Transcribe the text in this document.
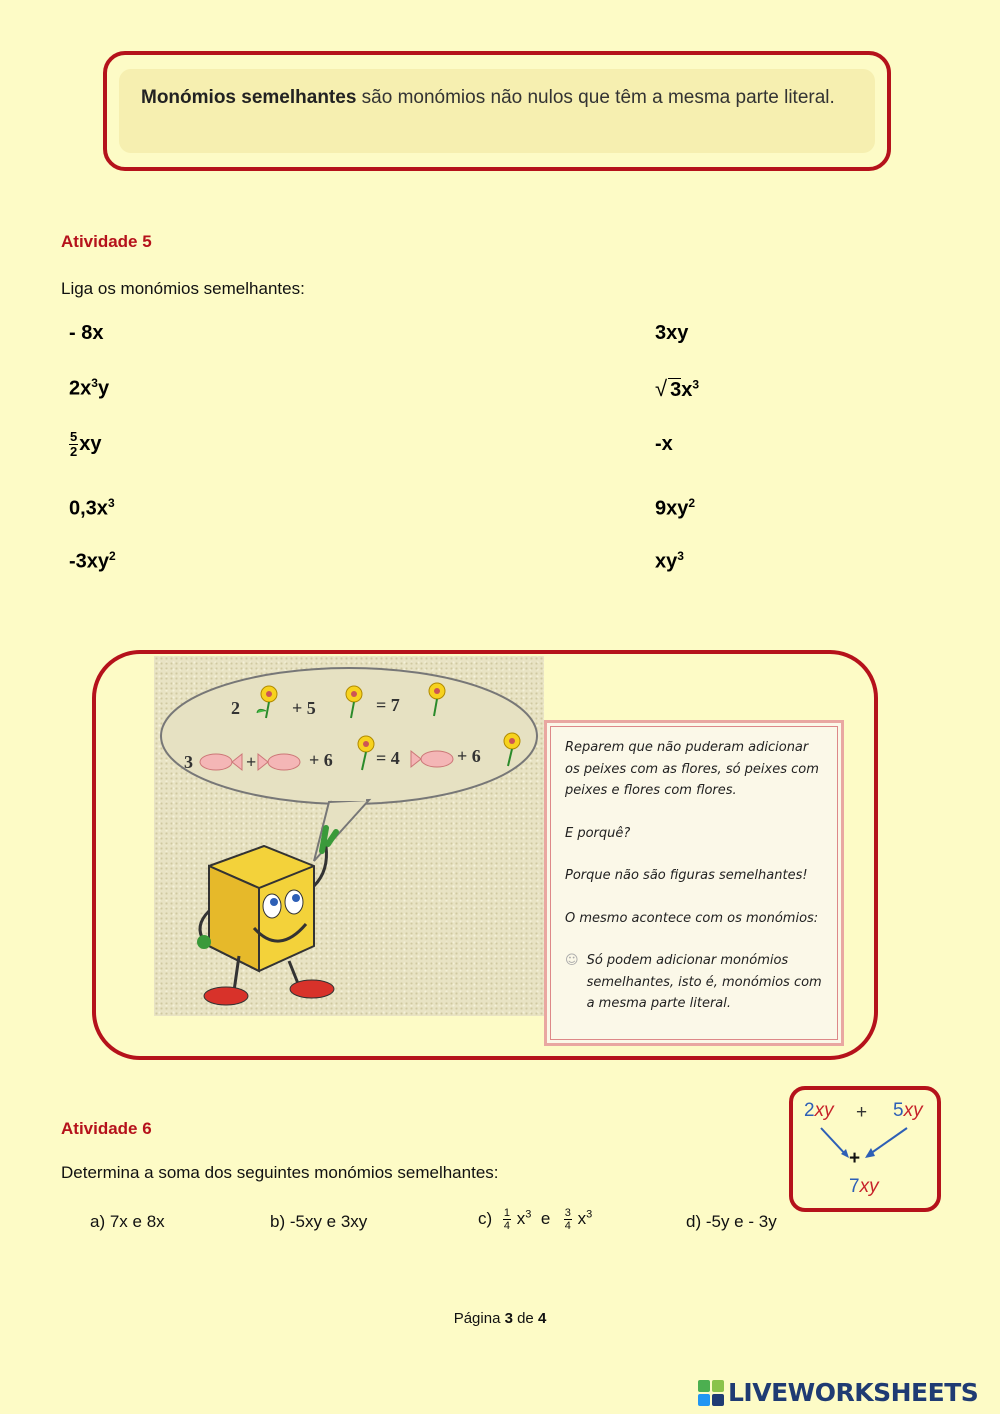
Monómios semelhantes são monómios não nulos que têm a mesma parte literal.
Atividade 5
Liga os monómios semelhantes:
- 8x
$2x^3y$
$\frac{5}{2}$ xy
$0,3x^3$
$-3xy^2$
3xy
√ $3x^3$
-x
$9xy^2$
$xy^3$
2	+ 5	= 7
3	+	+ 6 = 4	+ 6	Reparem que não puderam adicionar os peixes com as flores, só peixes com peixes e flores com flores.

E porquê?

Porque não são figuras semelhantes!

O mesmo acontece com os monómios:

☺ Só podem adicionar monómios semelhantes, isto é, monómios com a mesma parte literal.
2xy + 5xy
+
7xy
Atividade 6
Determina a soma dos seguintes monómios semelhantes:
a) 7x e 8x	b) -5xy e 3xy	$c) \frac{1}{4} x^3$ e $\frac{3}{4} x^3$	d) -5y e - 3y
Página 3 de 4
LIVEWORKSHEETS
